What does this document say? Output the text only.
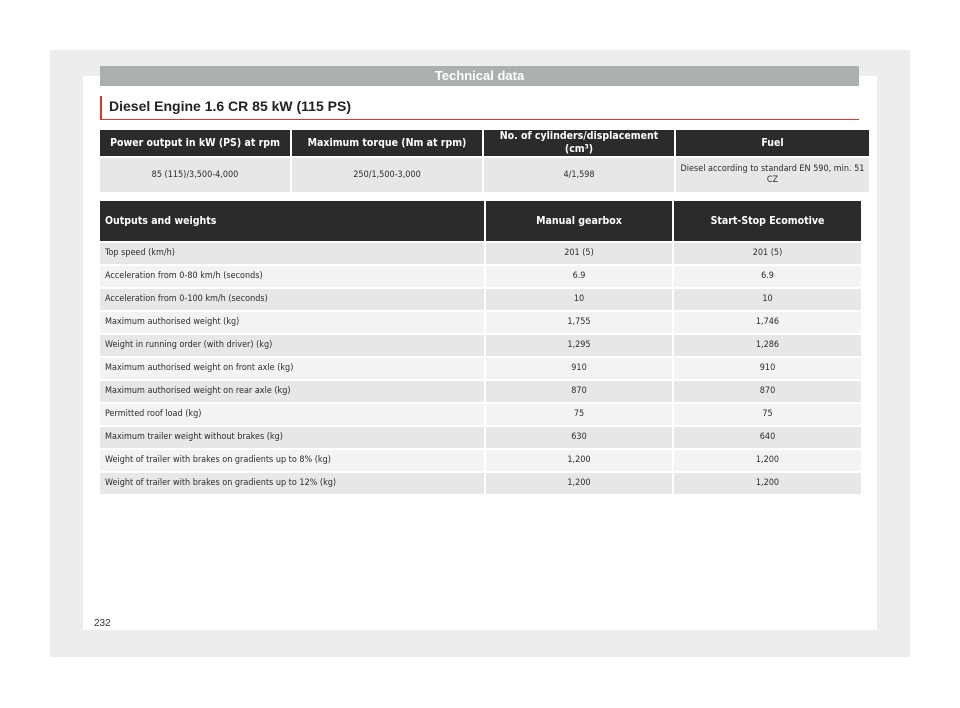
Technical data
Diesel Engine 1.6 CR 85 kW (115 PS)
Power output in kW (PS) at rpm	Maximum torque (Nm at rpm)	No. of cylinders/displacement (cm³)	Fuel
85 (115)/3,500-4,000	250/1,500-3,000	4/1,598	Diesel according to standard EN 590, min. 51 CZ
Outputs and weights	Manual gearbox	Start-Stop Ecomotive
Top speed (km/h)	201 (5)	201 (5)
Acceleration from 0-80 km/h (seconds)	6.9	6.9
Acceleration from 0-100 km/h (seconds)	10	10
Maximum authorised weight (kg)	1,755	1,746
Weight in running order (with driver) (kg)	1,295	1,286
Maximum authorised weight on front axle (kg)	910	910
Maximum authorised weight on rear axle (kg)	870	870
Permitted roof load (kg)	75	75
Maximum trailer weight without brakes (kg)	630	640
Weight of trailer with brakes on gradients up to 8% (kg)	1,200	1,200
Weight of trailer with brakes on gradients up to 12% (kg)	1,200	1,200
232
